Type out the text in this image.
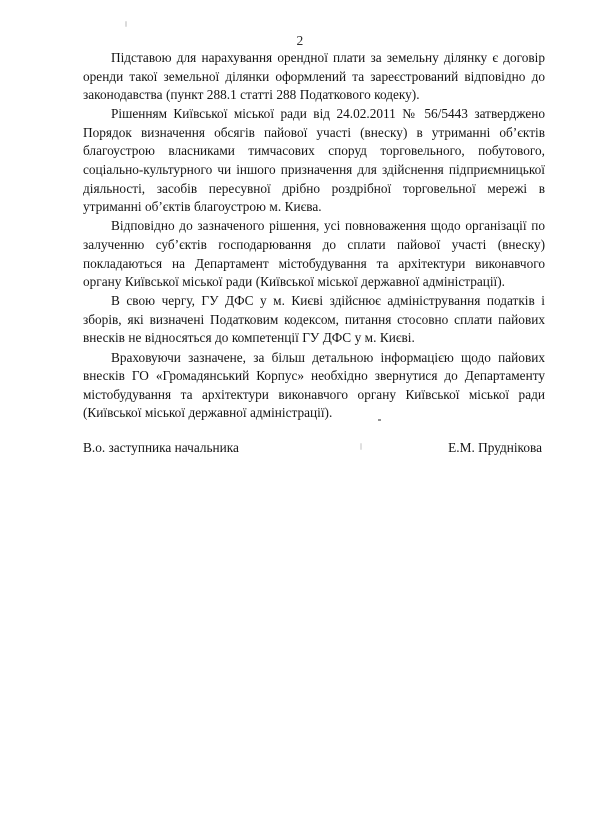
2

Підставою для нарахування орендної плати за земельну ділянку є договір оренди такої земельної ділянки оформлений та зареєстрований відповідно до законодавства (пункт 288.1 статті 288 Податкового кодеку).

Рішенням Київської міської ради від 24.02.2011 № 56/5443 затверджено Порядок визначення обсягів пайової участі (внеску) в утриманні об’єктів благоустрою власниками тимчасових споруд торговельного, побутового, соціально-культурного чи іншого призначення для здійснення підприємницької діяльності, засобів пересувної дрібно роздрібної торговельної мережі в утриманні об’єктів благоустрою м. Києва.

Відповідно до зазначеного рішення, усі повноваження щодо організації по залученню суб’єктів господарювання до сплати пайової участі (внеску) покладаються на Департамент містобудування та архітектури виконавчого органу Київської міської ради (Київської міської державної адміністрації).

В свою чергу, ГУ ДФС у м. Києві здійснює адміністрування податків і зборів, які визначені Податковим кодексом, питання стосовно сплати пайових внесків не відносяться до компетенції ГУ ДФС у м. Києві.

Враховуючи зазначене, за більш детальною інформацією щодо пайових внесків ГО «Громадянський Корпус» необхідно звернутися до Департаменту містобудування та архітектури виконавчого органу Київської міської ради (Київської міської державної адміністрації).

В.о. заступника начальника	Е.М. Пруднікова
